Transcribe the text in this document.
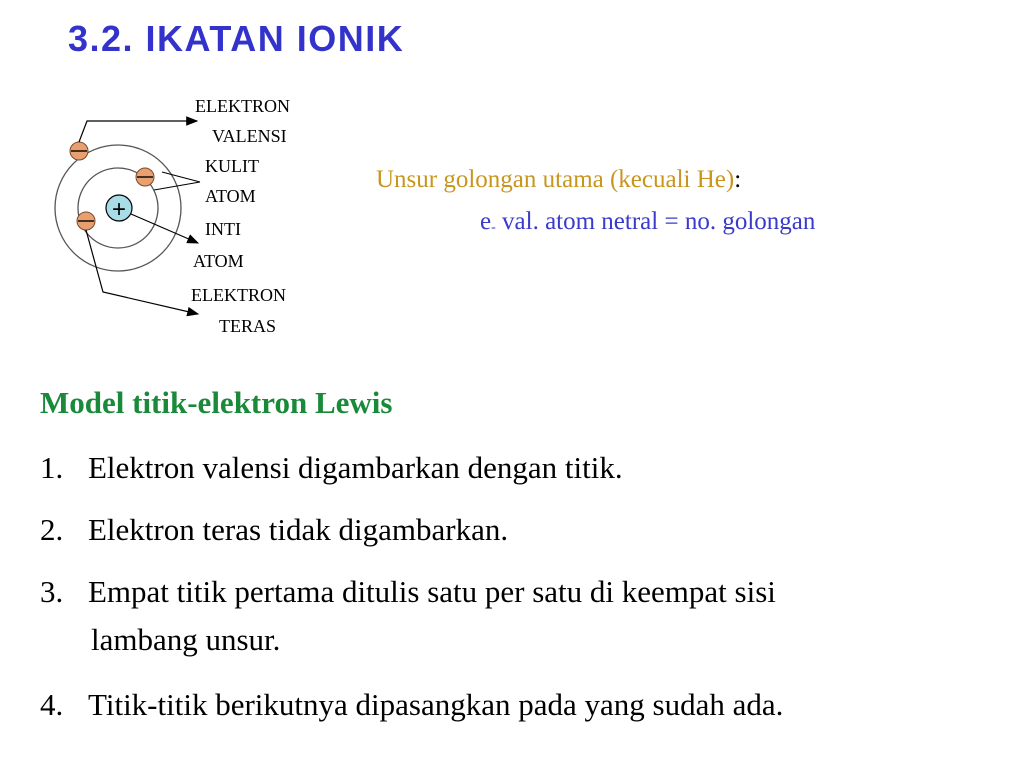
3.2. IKATAN IONIK
+
ELEKTRON
VALENSI
KULIT
ATOM
INTI
ATOM
ELEKTRON
TERAS
Unsur golongan utama (kecuali He):
$e_-$ val. atom netral = no. golongan
Model titik-elektron Lewis
1. Elektron valensi digambarkan dengan titik.
2. Elektron teras tidak digambarkan.
3. Empat titik pertama ditulis satu per satu di keempat sisi
lambang unsur.
4. Titik-titik berikutnya dipasangkan pada yang sudah ada.
